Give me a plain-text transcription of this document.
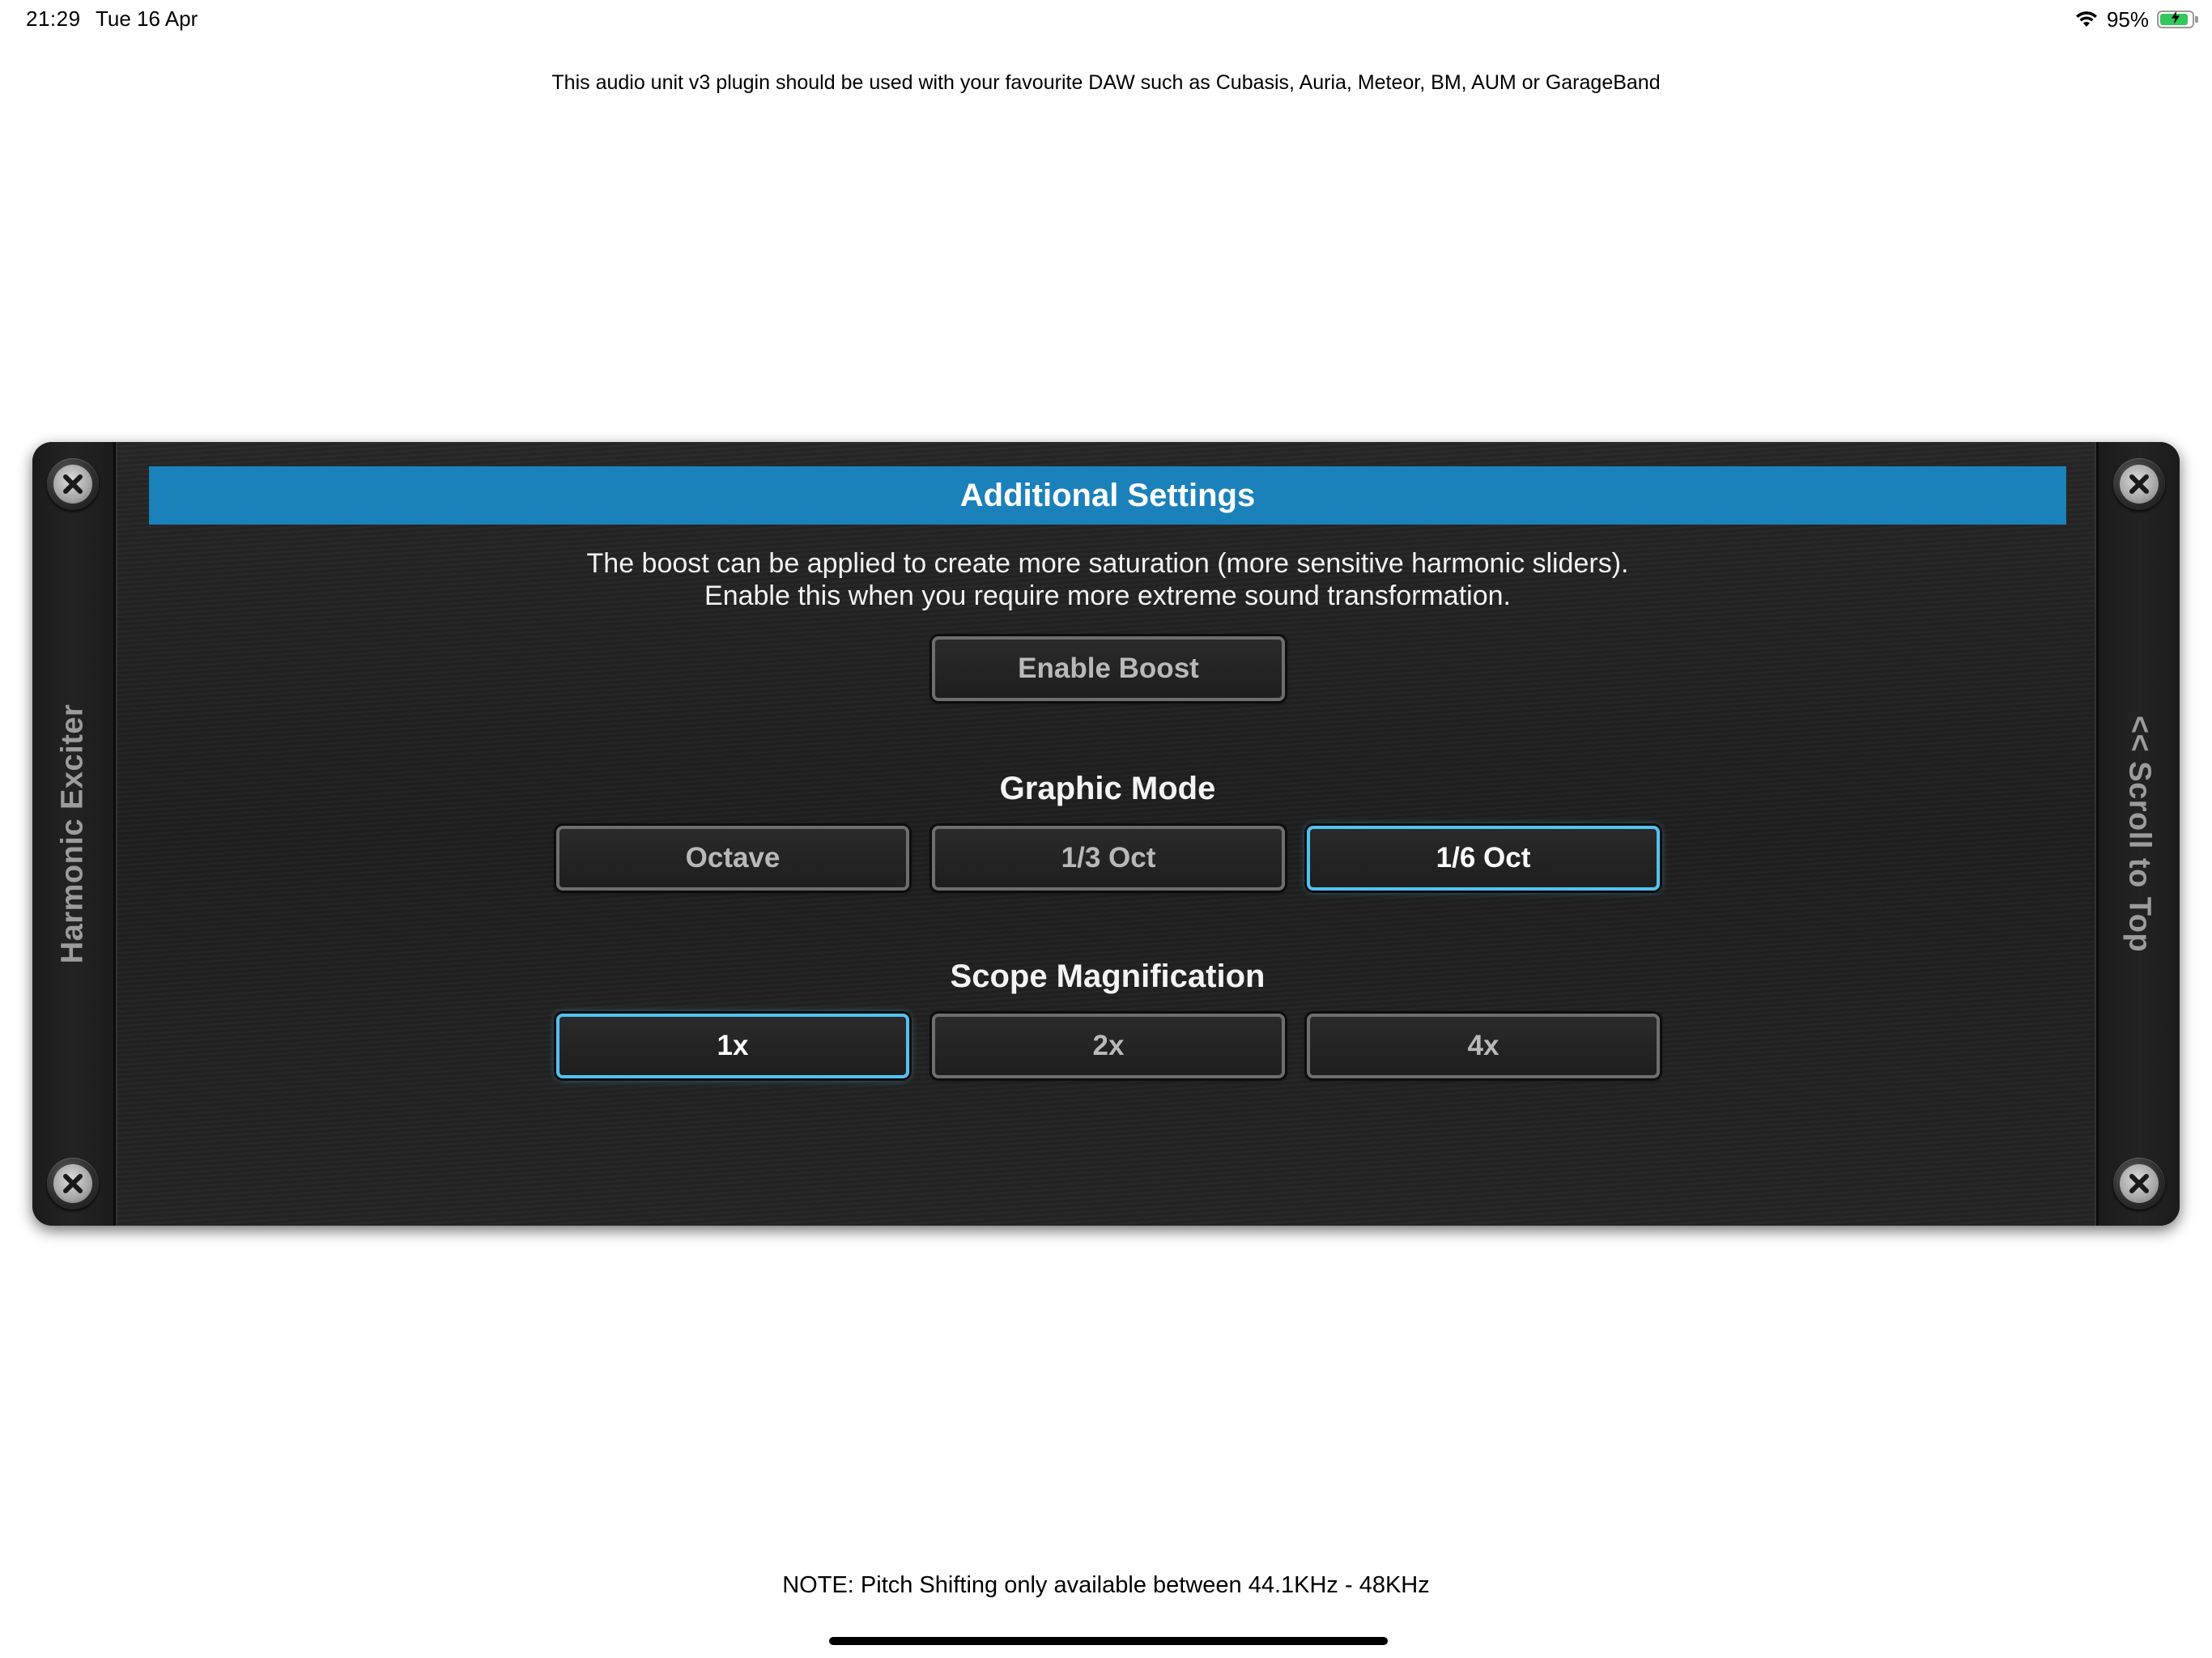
21:29 Tue 16 Apr	95%
This audio unit v3 plugin should be used with your favourite DAW such as Cubasis, Auria, Meteor, BM, AUM or GarageBand
Harmonic Exciter	<< Scroll to Top
Additional Settings
The boost can be applied to create more saturation (more sensitive harmonic sliders).
Enable this when you require more extreme sound transformation.
Enable Boost
Graphic Mode
Octave	1/3 Oct	1/6 Oct
Scope Magnification
1x	2x	4x
NOTE: Pitch Shifting only available between 44.1KHz - 48KHz
